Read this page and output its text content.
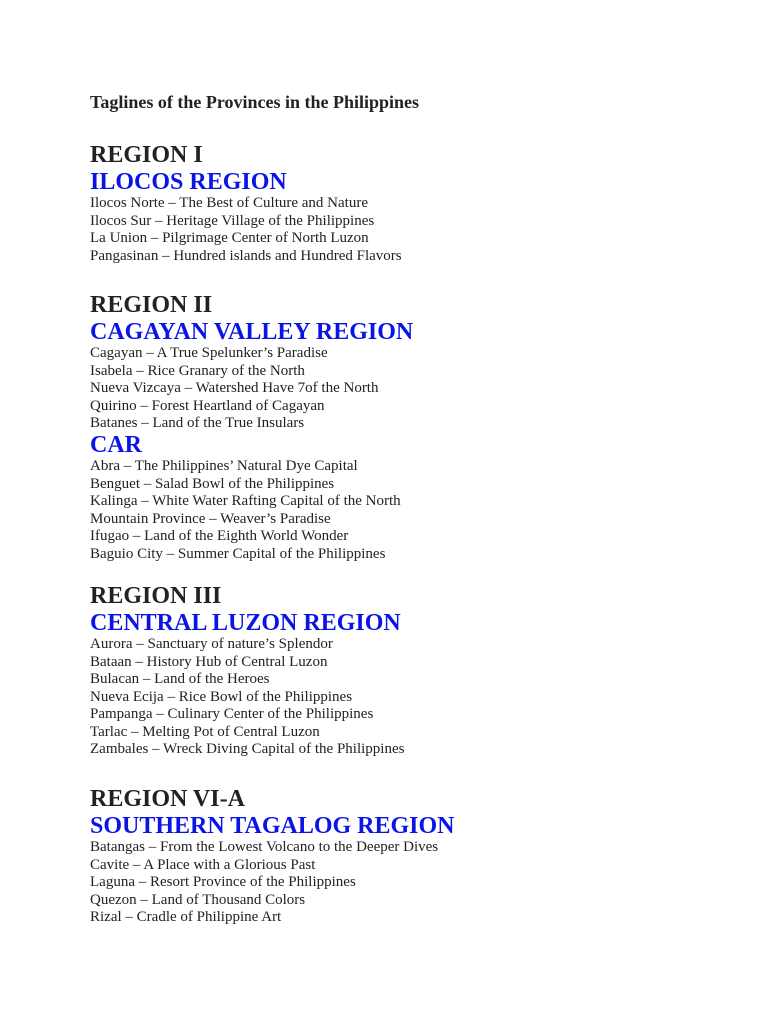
Taglines of the Provinces in the Philippines
REGION I
ILOCOS REGION
Ilocos Norte – The Best of Culture and Nature
Ilocos Sur – Heritage Village of the Philippines
La Union – Pilgrimage Center of North Luzon
Pangasinan – Hundred islands and Hundred Flavors
REGION II
CAGAYAN VALLEY REGION
Cagayan – A True Spelunker’s Paradise
Isabela – Rice Granary of the North
Nueva Vizcaya – Watershed Have 7of the North
Quirino – Forest Heartland of Cagayan
Batanes – Land of the True Insulars
CAR
Abra – The Philippines’ Natural Dye Capital
Benguet – Salad Bowl of the Philippines
Kalinga – White Water Rafting Capital of the North
Mountain Province – Weaver’s Paradise
Ifugao – Land of the Eighth World Wonder
Baguio City – Summer Capital of the Philippines
REGION III
CENTRAL LUZON REGION
Aurora – Sanctuary of nature’s Splendor
Bataan – History Hub of Central Luzon
Bulacan – Land of the Heroes
Nueva Ecija – Rice Bowl of the Philippines
Pampanga – Culinary Center of the Philippines
Tarlac – Melting Pot of Central Luzon
Zambales – Wreck Diving Capital of the Philippines
REGION VI-A
SOUTHERN TAGALOG REGION
Batangas – From the Lowest Volcano to the Deeper Dives
Cavite – A Place with a Glorious Past
Laguna – Resort Province of the Philippines
Quezon – Land of Thousand Colors
Rizal – Cradle of Philippine Art
